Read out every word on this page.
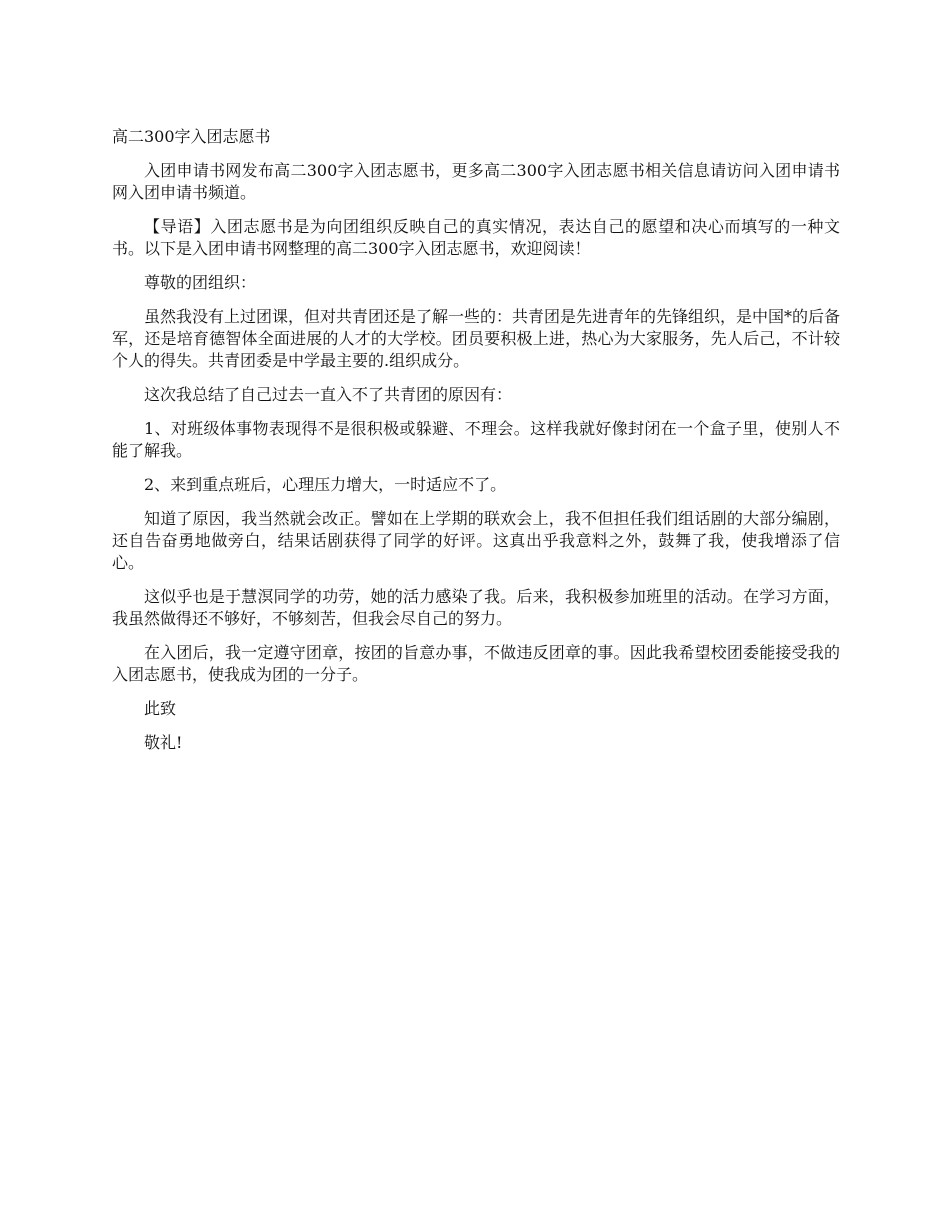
高二300字入团志愿书

入团申请书网发布高二300字入团志愿书，更多高二300字入团志愿书相关信息请访问入团申请书网入团申请书频道。

【导语】入团志愿书是为向团组织反映自己的真实情况，表达自己的愿望和决心而填写的一种文书。以下是入团申请书网整理的高二300字入团志愿书，欢迎阅读！

尊敬的团组织：

虽然我没有上过团课，但对共青团还是了解一些的：共青团是先进青年的先锋组织，是中国*的后备军，还是培育德智体全面进展的人才的大学校。团员要积极上进，热心为大家服务，先人后己，不计较个人的得失。共青团委是中学最主要的.组织成分。

这次我总结了自己过去一直入不了共青团的原因有：

1、对班级体事物表现得不是很积极或躲避、不理会。这样我就好像封闭在一个盒子里，使别人不能了解我。

2、来到重点班后，心理压力增大，一时适应不了。

知道了原因，我当然就会改正。譬如在上学期的联欢会上，我不但担任我们组话剧的大部分编剧，还自告奋勇地做旁白，结果话剧获得了同学的好评。这真出乎我意料之外，鼓舞了我，使我增添了信心。

这似乎也是于慧溟同学的功劳，她的活力感染了我。后来，我积极参加班里的活动。在学习方面，我虽然做得还不够好，不够刻苦，但我会尽自己的努力。

在入团后，我一定遵守团章，按团的旨意办事，不做违反团章的事。因此我希望校团委能接受我的入团志愿书，使我成为团的一分子。

此致

敬礼!
